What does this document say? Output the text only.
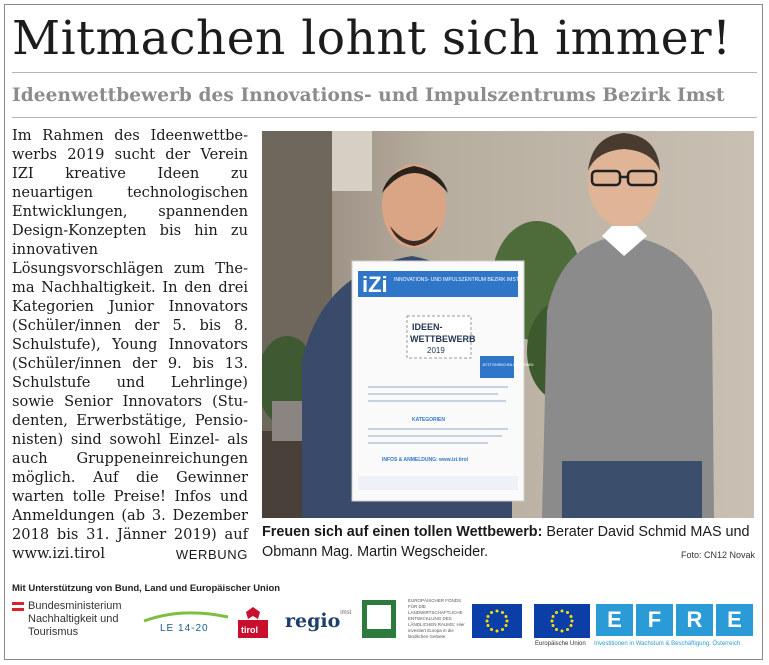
Mitmachen lohnt sich immer!
Ideenwettbewerb des Innovations- und Impulszentrums Bezirk Imst
Im Rahmen des Ideenwettbewerbs 2019 sucht der Verein IZI kreative Ideen zu neuartigen technologischen Entwicklungen, spannenden Design-Konzepten bis hin zu innovativen Lösungsvorschlägen zum Thema Nachhaltigkeit. In den drei Kategorien Junior Innovators (Schüler/innen der 5. bis 8. Schulstufe), Young Innovators (Schüler/innen der 9. bis 13. Schulstufe und Lehrlinge) sowie Senior Innovators (Studenten, Erwerbstätige, Pensionisten) sind sowohl Einzel- als auch Gruppeneinreichungen möglich. Auf die Gewinner warten tolle Preise! Infos und Anmeldungen (ab 3. Dezember 2018 bis 31. Jänner 2019) auf www.izi.tirol	WERBUNG
iZi INNOVATIONS- UND IMPULSZENTRUM BEZIRK IMST
IDEEN-
WETTBEWERB
2019
JETZT EINREICHEN & GEWINNEN
KATEGORIEN
INFOS & ANMELDUNG: www.izi.tirol
Freuen sich auf einen tollen Wettbewerb: Berater David Schmid MAS und Obmann Mag. Martin Wegscheider.	Foto: CN12 Novak
Mit Unterstützung von Bund, Land und Europäischer Union
Bundesministerium
Nachhaltigkeit und
Tourismus	LE 14-20	tirol regio$^{imst}$
EUROPÄISCHER FONDS FÜR DIE LANDWIRTSCHAFTLICHE ENTWICKLUNG DES LÄNDLICHEN RAUMS: Hier investiert Europa in die ländlichen Gebiete
E	F	R	E
Europäische Union Investitionen in Wachstum & Beschäftigung. Österreich
